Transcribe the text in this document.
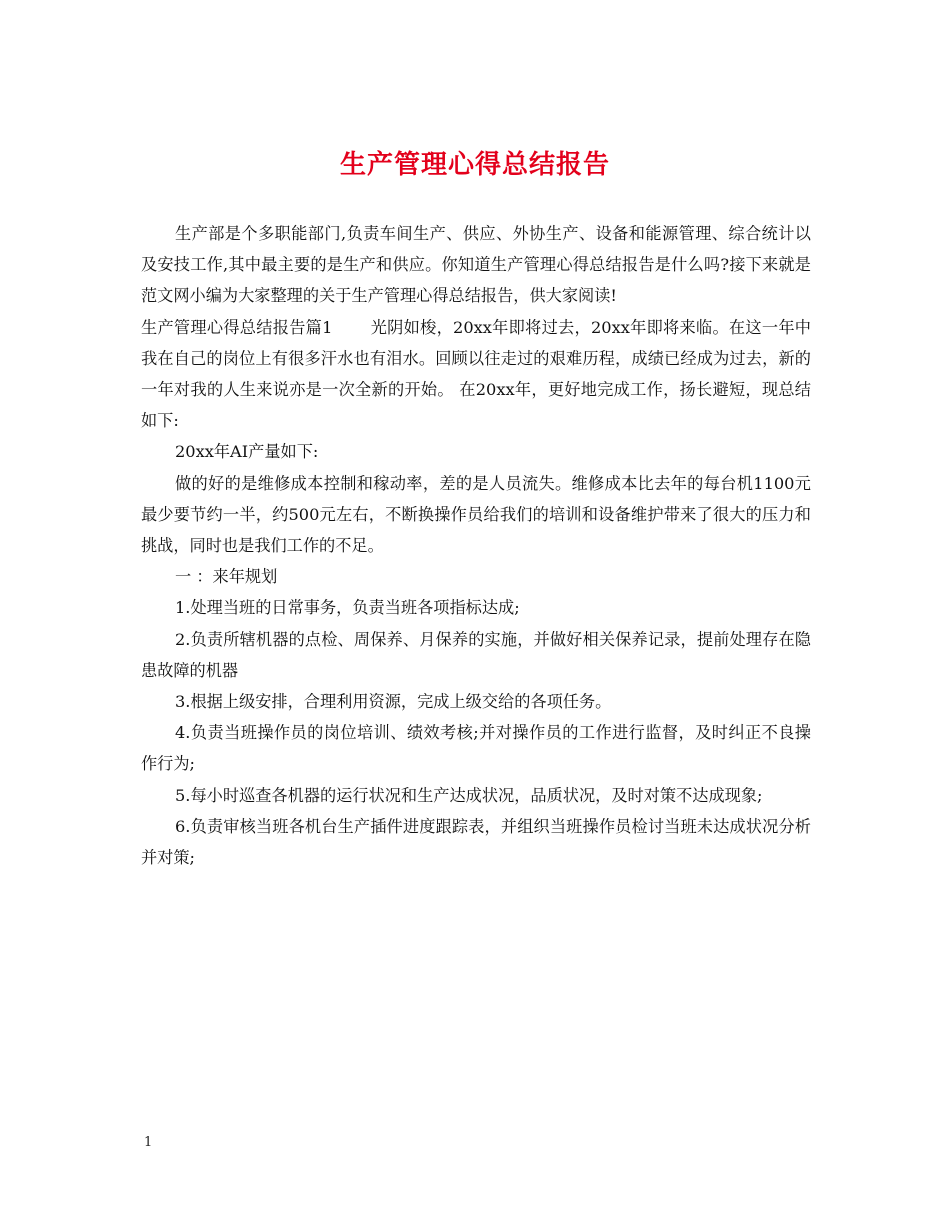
生产管理心得总结报告

生产部是个多职能部门,负责车间生产、供应、外协生产、设备和能源管理、综合统计以及安技工作,其中最主要的是生产和供应。你知道生产管理心得总结报告是什么吗?接下来就是范文网小编为大家整理的关于生产管理心得总结报告，供大家阅读!

生产管理心得总结报告篇1 光阴如梭，20xx年即将过去，20xx年即将来临。在这一年中我在自己的岗位上有很多汗水也有泪水。回顾以往走过的艰难历程，成绩已经成为过去，新的一年对我的人生来说亦是一次全新的开始。 在20xx年，更好地完成工作，扬长避短，现总结如下:

20xx年AI产量如下:

做的好的是维修成本控制和稼动率，差的是人员流失。维修成本比去年的每台机1100元最少要节约一半，约500元左右，不断换操作员给我们的培训和设备维护带来了很大的压力和挑战，同时也是我们工作的不足。

一 ：来年规划

1.处理当班的日常事务，负责当班各项指标达成;

2.负责所辖机器的点检、周保养、月保养的实施，并做好相关保养记录，提前处理存在隐患故障的机器

3.根据上级安排，合理利用资源，完成上级交给的各项任务。

4.负责当班操作员的岗位培训、绩效考核;并对操作员的工作进行监督，及时纠正不良操作行为;

5.每小时巡查各机器的运行状况和生产达成状况，品质状况，及时对策不达成现象;

6.负责审核当班各机台生产插件进度跟踪表，并组织当班操作员检讨当班未达成状况分析并对策;

1
